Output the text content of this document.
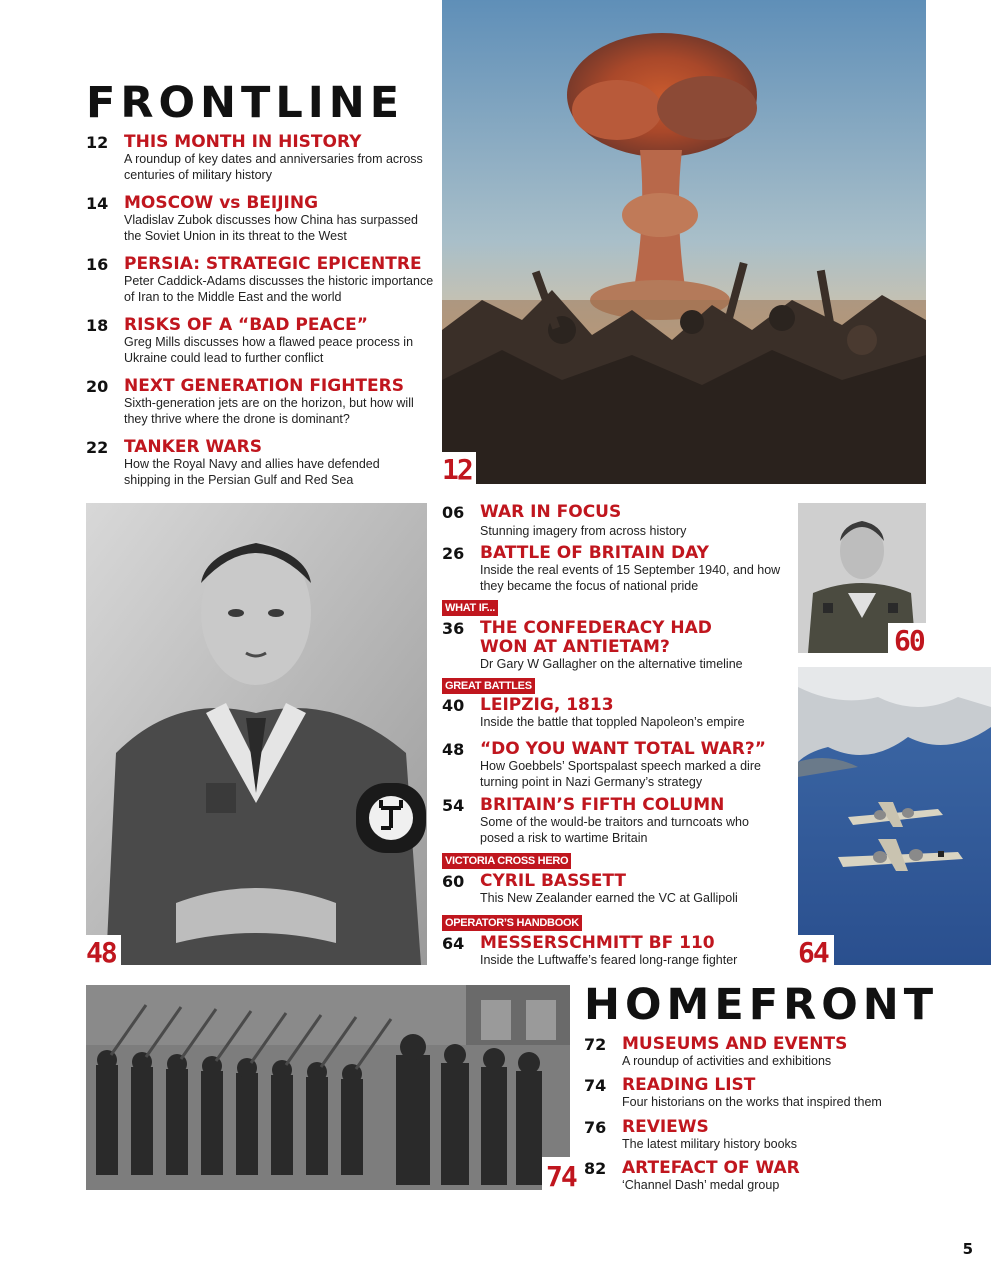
FRONTLINE
12 THIS MONTH IN HISTORY
A roundup of key dates and anniversaries from across centuries of military history
14 MOSCOW vs BEIJING
Vladislav Zubok discusses how China has surpassed the Soviet Union in its threat to the West
16 PERSIA: STRATEGIC EPICENTRE
Peter Caddick-Adams discusses the historic importance of Iran to the Middle East and the world
18 RISKS OF A “BAD PEACE”
Greg Mills discusses how a flawed peace process in Ukraine could lead to further conflict
20 NEXT GENERATION FIGHTERS
Sixth-generation jets are on the horizon, but how will they thrive where the drone is dominant?
22 TANKER WARS
How the Royal Navy and allies have defended shipping in the Persian Gulf and Red Sea	12
48
06 WAR IN FOCUS
Stunning imagery from across history
26 BATTLE OF BRITAIN DAY
Inside the real events of 15 September 1940, and how they became the focus of national pride
WHAT IF...
36 THE CONFEDERACY HAD WON AT ANTIETAM?
Dr Gary W Gallagher on the alternative timeline
GREAT BATTLES
40 LEIPZIG, 1813
Inside the battle that toppled Napoleon’s empire
48 “DO YOU WANT TOTAL WAR?”
How Goebbels’ Sportspalast speech marked a dire turning point in Nazi Germany’s strategy
54 BRITAIN’S FIFTH COLUMN
Some of the would-be traitors and turncoats who posed a risk to wartime Britain
VICTORIA CROSS HERO
60 CYRIL BASSETT
This New Zealander earned the VC at Gallipoli
OPERATOR’S HANDBOOK
64 MESSERSCHMITT BF 110
Inside the Luftwaffe’s feared long-range fighter
60
64
74
HOMEFRONT
72 MUSEUMS AND EVENTS
A roundup of activities and exhibitions
74 READING LIST
Four historians on the works that inspired them
76 REVIEWS
The latest military history books
82 ARTEFACT OF WAR
‘Channel Dash’ medal group
5
